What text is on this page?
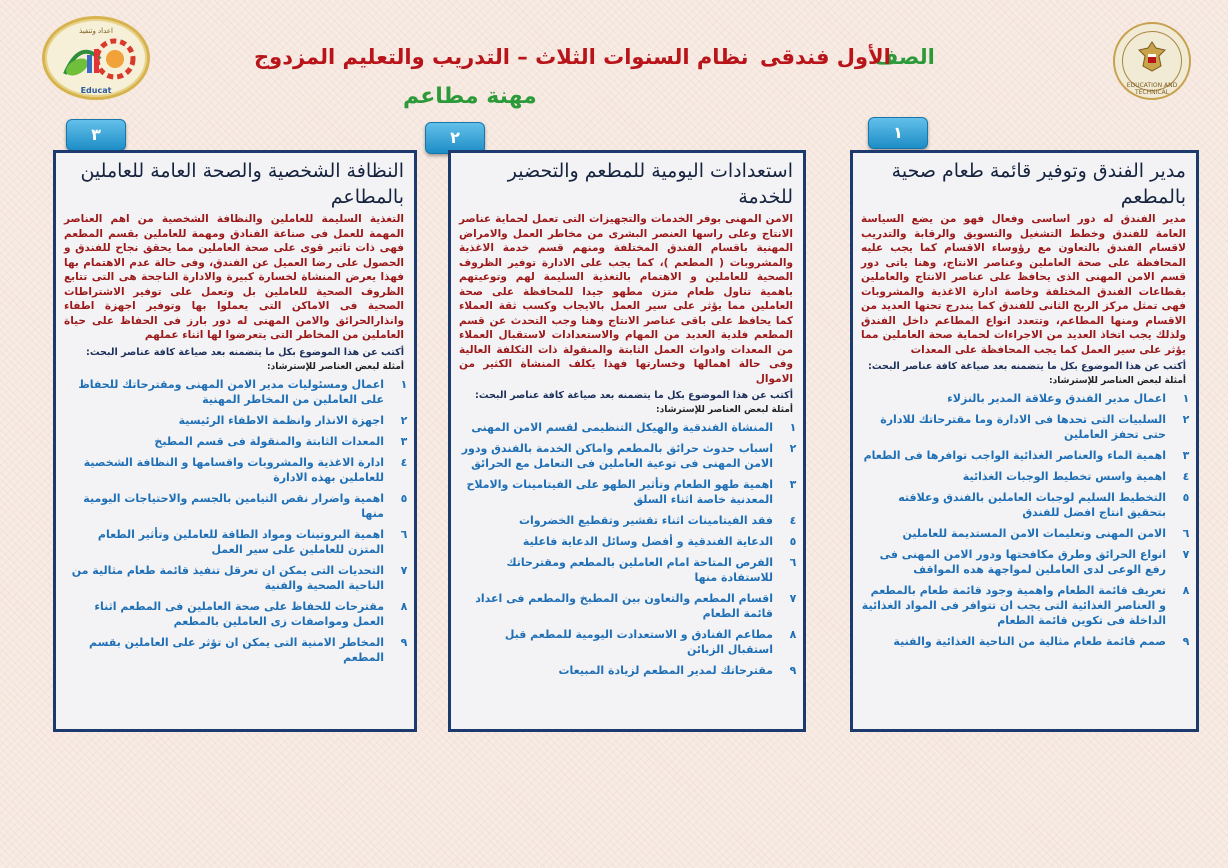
اعداد وتنفيذ
Educat
EDUCATION AND TECHNICAL
الصف
الأول فندقى
نظام السنوات الثلاث – التدريب والتعليم المزدوج
مهنة مطاعم
١
٢
٣
مدير الفندق وتوفير قائمة طعام صحية بالمطعم

مدير الفندق له دور اساسى وفعال فهو من يضع السياسة العامة للفندق وخطط التشغيل والتسويق والرقابة والتدريب لاقسام الفندق بالتعاون مع رؤوساء الاقسام كما يجب عليه المحافظة على صحة العاملين وعناصر الانتاج، وهنا ياتى دور قسم الامن المهنى الذى يحافظ على عناصر الانتاج والعاملين بقطاعات الفندق المختلفة وخاصة ادارة الاغذية والمشروبات فهى تمثل مركز الربح الثانى للفندق كما يندرج تحتها العديد من الاقسام ومنها المطاعم، وتتعدد انواع المطاعم داخل الفندق ولذلك يجب اتخاذ العديد من الاجراءات لحماية صحة العاملين مما يؤثر على سير العمل كما يجب المحافظة على المعدات

أكتب عن هذا الموضوع بكل ما يتضمنه بعد صياغة كافة عناصر البحث:
أمثلة لبعض العناصر للإسترشاد:
١اعمال مدير الفندق وعلاقة المدير بالنزلاء
٢السلبيات التى تحدها فى الادارة وما مقترحاتك للادارة حتى تحفز العاملين
٣اهمية الماء والعناصر الغذائية الواجب توافرها فى الطعام
٤اهمية واسس تخطيط الوجبات الغذائية
٥التخطيط السليم لوجبات العاملين بالفندق وعلاقته بتحقيق انتاج افضل للفندق
٦الامن المهنى وتعليمات الامن المستديمة للعاملين
٧انواع الحرائق وطرق مكافحتها ودور الامن المهنى فى رفع الوعى لدى العاملين لمواجهة هده المواقف
٨تعريف قائمة الطعام واهمية وجود قائمة طعام بالمطعم و العناصر الغذائية التى يجب ان تتوافر فى المواد الغذائية الداخلة فى تكوين قائمة الطعام
٩صمم قائمة طعام مثالية من الناحية الغذائية والفنية
استعدادات اليومية للمطعم والتحضير للخدمة

الامن المهنى بوفر الخدمات والتجهيزات التى تعمل لحماية عناصر الانتاج وعلى راسها العنصر البشرى من مخاطر العمل والامراض المهنية باقسام الفندق المختلفة ومنهم قسم خدمة الاغذية والمشروبات ( المطعم )، كما يجب على الادارة توفير الظروف الصحية للعاملين و الاهتمام بالتغذية السليمة لهم وتوعيتهم باهمية تناول طعام متزن مطهو جيدا للمحافظة على صحة العاملين مما يؤثر على سير العمل بالايجاب وكسب ثقة العملاء كما يحافظ على باقى عناصر الانتاج وهنا وجب التحدث عن قسم المطعم فلدية العديد من المهام والاستعدادات لاستقبال العملاء من المعدات وادوات العمل الثابتة والمنقولة ذات التكلفة العالية وفى حالة اهمالها وخسارتها فهذا يكلف المنشاة الكثير من الاموال

أكتب عن هذا الموضوع بكل ما يتضمنه بعد صياغة كافة عناصر البحث:
أمثلة لبعض العناصر للإسترشاد:
١المنشاة الفندقية والهيكل التنظيمى لقسم الامن المهنى
٢اسباب حدوث حرائق بالمطعم واماكن الخدمة بالفندق ودور الامن المهنى فى توعية العاملين فى التعامل مع الحرائق
٣اهمية طهو الطعام وتأثير الطهو على الفيتامينات والاملاح المعدنية خاصة اثناء السلق
٤فقد الفيتامينات اثناء تقشير وتقطيع الخضروات
٥الدعاية الفندقية و أفضل وسائل الدعاية فاعلية
٦الفرص المتاحة امام العاملين بالمطعم ومقترحاتك للاستفادة منها
٧اقسام المطعم والتعاون بين المطبخ والمطعم فى اعداد قائمة الطعام
٨مطاعم الفنادق و الاستعدادت اليومية للمطعم قبل استقبال الزبائن
٩مقترحاتك لمدير المطعم لزيادة المبيعات
النظافة الشخصية والصحة العامة للعاملين بالمطاعم

التغذية السليمة للعاملين والنظافة الشخصية من اهم العناصر المهمة للعمل فى صناعة الفنادق ومهمة للعاملين بقسم المطعم فهى ذات تاثير قوى على صحة العاملين مما يحقق نجاح للفندق و الحصول على رضا العميل عن الفندق، وفى حالة عدم الاهتمام بها فهذا يعرض المنشاة لخسارة كبيرة والادارة الناجحة هى التى تتابع الظروف الصحية للعاملين بل وتعمل على توفير الاشتراطات الصحية فى الاماكن التى يعملوا بها وتوفير اجهزة اطفاء وانذارالحرائق والامن المهنى له دور بارز فى الحفاظ على حياة العاملين من المخاطر التى يتعرضوا لها اثناء عملهم

أكتب عن هذا الموضوع بكل ما يتضمنه بعد صياغة كافة عناصر البحث:
أمثلة لبعض العناصر للإسترشاد:
١اعمال ومسئوليات مدير الامن المهنى ومقترحاتك للحفاظ على العاملين من المخاطر المهنية
٢اجهزة الانذار وانظمة الاطفاء الرئيسية
٣المعدات الثابتة والمنقولة فى قسم المطبخ
٤ادارة الاغذية والمشروبات واقسامها و النظافة الشخصية للعاملين بهذه الادارة
٥اهمية واضرار نقص التيامين بالجسم والاحتياجات اليومية منها
٦اهمية البروتينات ومواد الطاقة للعاملين وتأثير الطعام المتزن للعاملين على سير العمل
٧التحديات التى يمكن ان تعرقل تنفيذ قائمة طعام مثالية من الناحية الصحية والفنية
٨مقترحات للحفاظ على صحة العاملين فى المطعم اثناء العمل ومواصفات زى العاملين بالمطعم
٩المخاطر الامنية التى يمكن ان تؤثر على العاملين بقسم المطعم
